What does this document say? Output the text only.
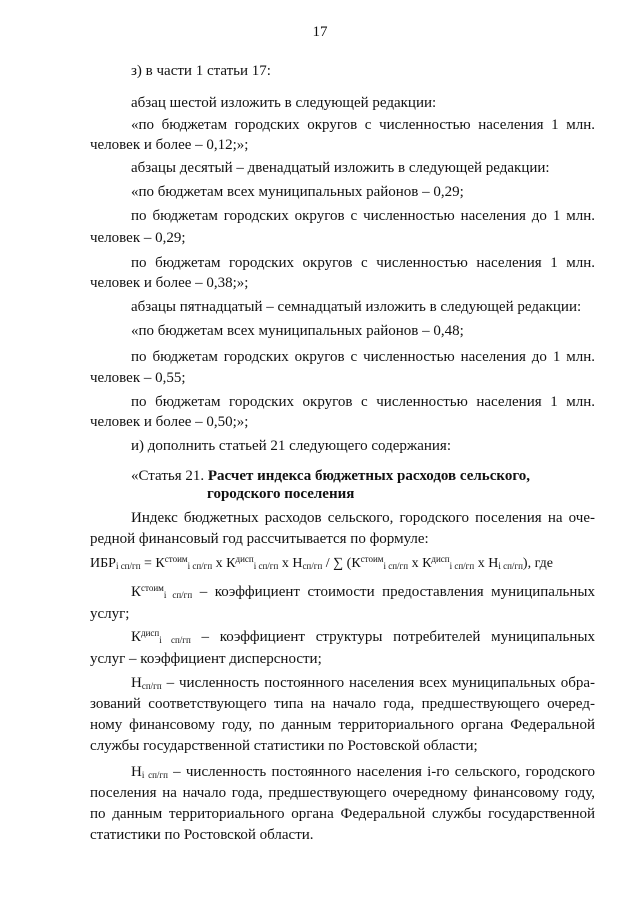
17
з) в части 1 статьи 17:
абзац шестой изложить в следующей редакции:
«по бюджетам городских округов с численностью населения 1 млн.
человек и более – 0,12;»;
абзацы десятый – двенадцатый изложить в следующей редакции:
«по бюджетам всех муниципальных районов – 0,29;
по бюджетам городских округов с численностью населения до 1 млн.
человек – 0,29;
по бюджетам городских округов с численностью населения 1 млн.
человек и более – 0,38;»;
абзацы пятнадцатый – семнадцатый изложить в следующей редакции:
«по бюджетам всех муниципальных районов – 0,48;
по бюджетам городских округов с численностью населения до 1 млн.
человек – 0,55;
по бюджетам городских округов с численностью населения 1 млн.
человек и более – 0,50;»;
и) дополнить статьей 21 следующего содержания:
«Статья 21. Расчет индекса бюджетных расходов сельского,
городского поселения
Индекс бюджетных расходов сельского, городского поселения на оче-
редной финансовый год рассчитывается по формуле:
$ИБР_{i сп/гп} = К^{стоим}_{i сп/гп}$ х $К^{дисп}_{i сп/гп}$ х $Н_{сп/гп}$ / ∑ ($К^{стоим}_{i сп/гп}$ х $К^{дисп}_{i сп/гп}$ х $Н_{i сп/гп}$), где
$К^{стоим}_{i сп/гп}$ – коэффициент стоимости предоставления муниципальных
услуг;
$К^{дисп}_{i сп/гп}$ – коэффициент структуры потребителей муниципальных
услуг – коэффициент дисперсности;
$Н_{сп/гп}$ – численность постоянного населения всех муниципальных обра-
зований соответствующего типа на начало года, предшествующего очеред-
ному финансовому году, по данным территориального органа Федеральной
службы государственной статистики по Ростовской области;
$Н_{i сп/гп}$ – численность постоянного населения i-го сельского, городского
поселения на начало года, предшествующего очередному финансовому году,
по данным территориального органа Федеральной службы государственной
статистики по Ростовской области.
